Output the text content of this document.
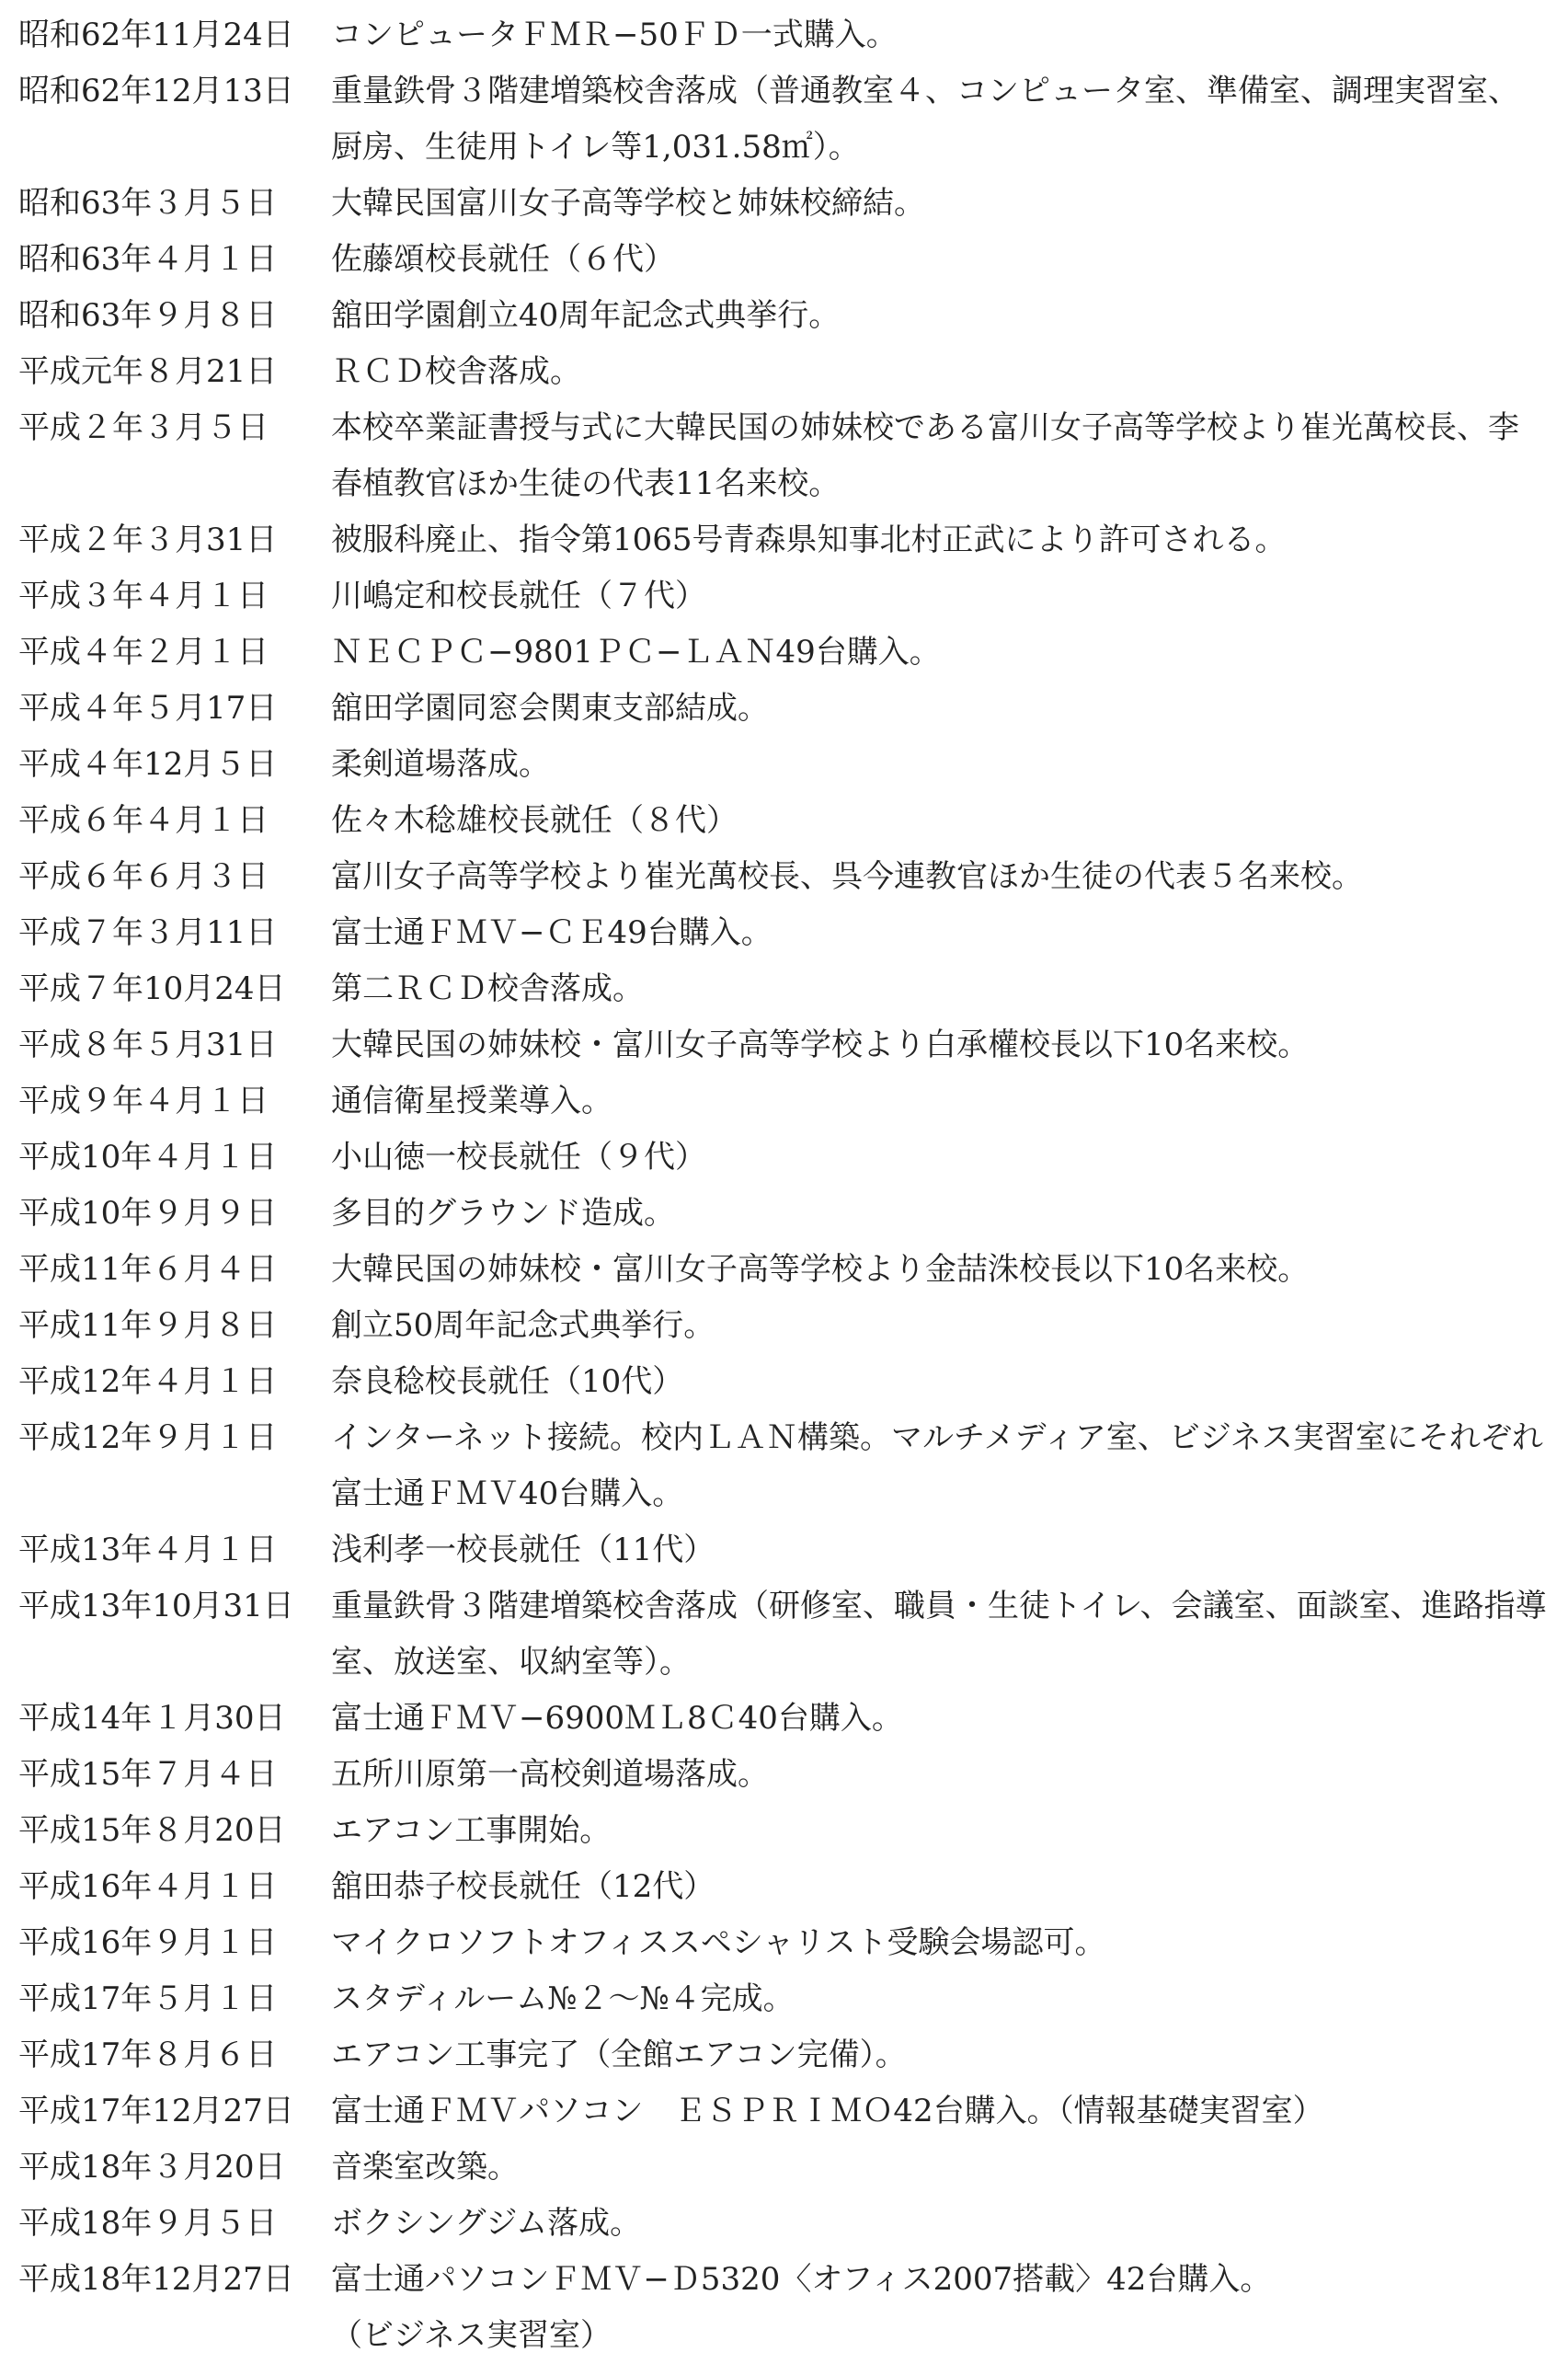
昭和62年11月24日	コンピュータＦＭＲ−50ＦＤ一式購入。
昭和62年12月13日	重量鉄骨３階建増築校舎落成（普通教室４、コンピュータ室、準備室、調理実習室、厨房、生徒用トイレ等1,031.58㎡）。
昭和63年３月５日	大韓民国富川女子高等学校と姉妹校締結。
昭和63年４月１日	佐藤頌校長就任（６代）
昭和63年９月８日	舘田学園創立40周年記念式典挙行。
平成元年８月21日	ＲＣＤ校舎落成。
平成２年３月５日	本校卒業証書授与式に大韓民国の姉妹校である富川女子高等学校より崔光萬校長、李春植教官ほか生徒の代表11名来校。
平成２年３月31日	被服科廃止、指令第1065号青森県知事北村正武により許可される。
平成３年４月１日	川嶋定和校長就任（７代）
平成４年２月１日	ＮＥＣＰＣ−9801ＰＣ−ＬＡＮ49台購入。
平成４年５月17日	舘田学園同窓会関東支部結成。
平成４年12月５日	柔剣道場落成。
平成６年４月１日	佐々木稔雄校長就任（８代）
平成６年６月３日	富川女子高等学校より崔光萬校長、呉今連教官ほか生徒の代表５名来校。
平成７年３月11日	富士通ＦＭＶ−ＣＥ49台購入。
平成７年10月24日	第二ＲＣＤ校舎落成。
平成８年５月31日	大韓民国の姉妹校・富川女子高等学校より白承權校長以下10名来校。
平成９年４月１日	通信衛星授業導入。
平成10年４月１日	小山徳一校長就任（９代）
平成10年９月９日	多目的グラウンド造成。
平成11年６月４日	大韓民国の姉妹校・富川女子高等学校より金喆洙校長以下10名来校。
平成11年９月８日	創立50周年記念式典挙行。
平成12年４月１日	奈良稔校長就任（10代）
平成12年９月１日	インターネット接続。校内ＬＡＮ構築。マルチメディア室、ビジネス実習室にそれぞれ富士通ＦＭＶ40台購入。
平成13年４月１日	浅利孝一校長就任（11代）
平成13年10月31日	重量鉄骨３階建増築校舎落成（研修室、職員・生徒トイレ、会議室、面談室、進路指導室、放送室、収納室等）。
平成14年１月30日	富士通ＦＭＶ−6900ＭＬ8Ｃ40台購入。
平成15年７月４日	五所川原第一高校剣道場落成。
平成15年８月20日	エアコン工事開始。
平成16年４月１日	舘田恭子校長就任（12代）
平成16年９月１日	マイクロソフトオフィススペシャリスト受験会場認可。
平成17年５月１日	スタディルーム№２〜№４完成。
平成17年８月６日	エアコン工事完了（全館エアコン完備）。
平成17年12月27日	富士通ＦＭＶパソコン　ＥＳＰＲＩＭＯ42台購入。（情報基礎実習室）
平成18年３月20日	音楽室改築。
平成18年９月５日	ボクシングジム落成。
平成18年12月27日	富士通パソコンＦＭＶ−Ｄ5320〈オフィス2007搭載〉42台購入。
（ビジネス実習室）
